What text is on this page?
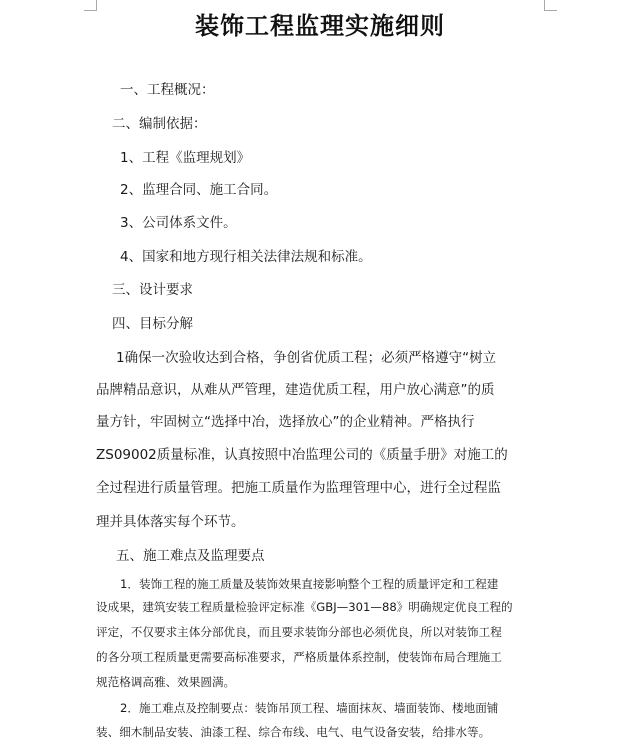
装饰工程监理实施细则
一、工程概况：
二、编制依据：
1、工程《监理规划》
2、监理合同、施工合同。
3、公司体系文件。
4、国家和地方现行相关法律法规和标准。
三、设计要求
四、目标分解
1确保一次验收达到合格，争创省优质工程；必须严格遵守“树立
品牌精品意识，从难从严管理，建造优质工程，用户放心满意”的质
量方针，牢固树立“选择中冶，选择放心”的企业精神。严格执行
ZS09002质量标准，认真按照中冶监理公司的《质量手册》对施工的
全过程进行质量管理。把施工质量作为监理管理中心，进行全过程监
理并具体落实每个环节。
五、施工难点及监理要点
1．装饰工程的施工质量及装饰效果直接影响整个工程的质量评定和工程建
设成果，建筑安装工程质量检验评定标准《GBJ—301—88》明确规定优良工程的
评定，不仅要求主体分部优良，而且要求装饰分部也必须优良，所以对装饰工程
的各分项工程质量更需要高标准要求，严格质量体系控制，使装饰布局合理施工
规范格调高雅、效果圆满。
2．施工难点及控制要点：装饰吊顶工程、墙面抹灰、墙面装饰、楼地面铺
装、细木制品安装、油漆工程、综合布线、电气、电气设备安装，给排水等。
